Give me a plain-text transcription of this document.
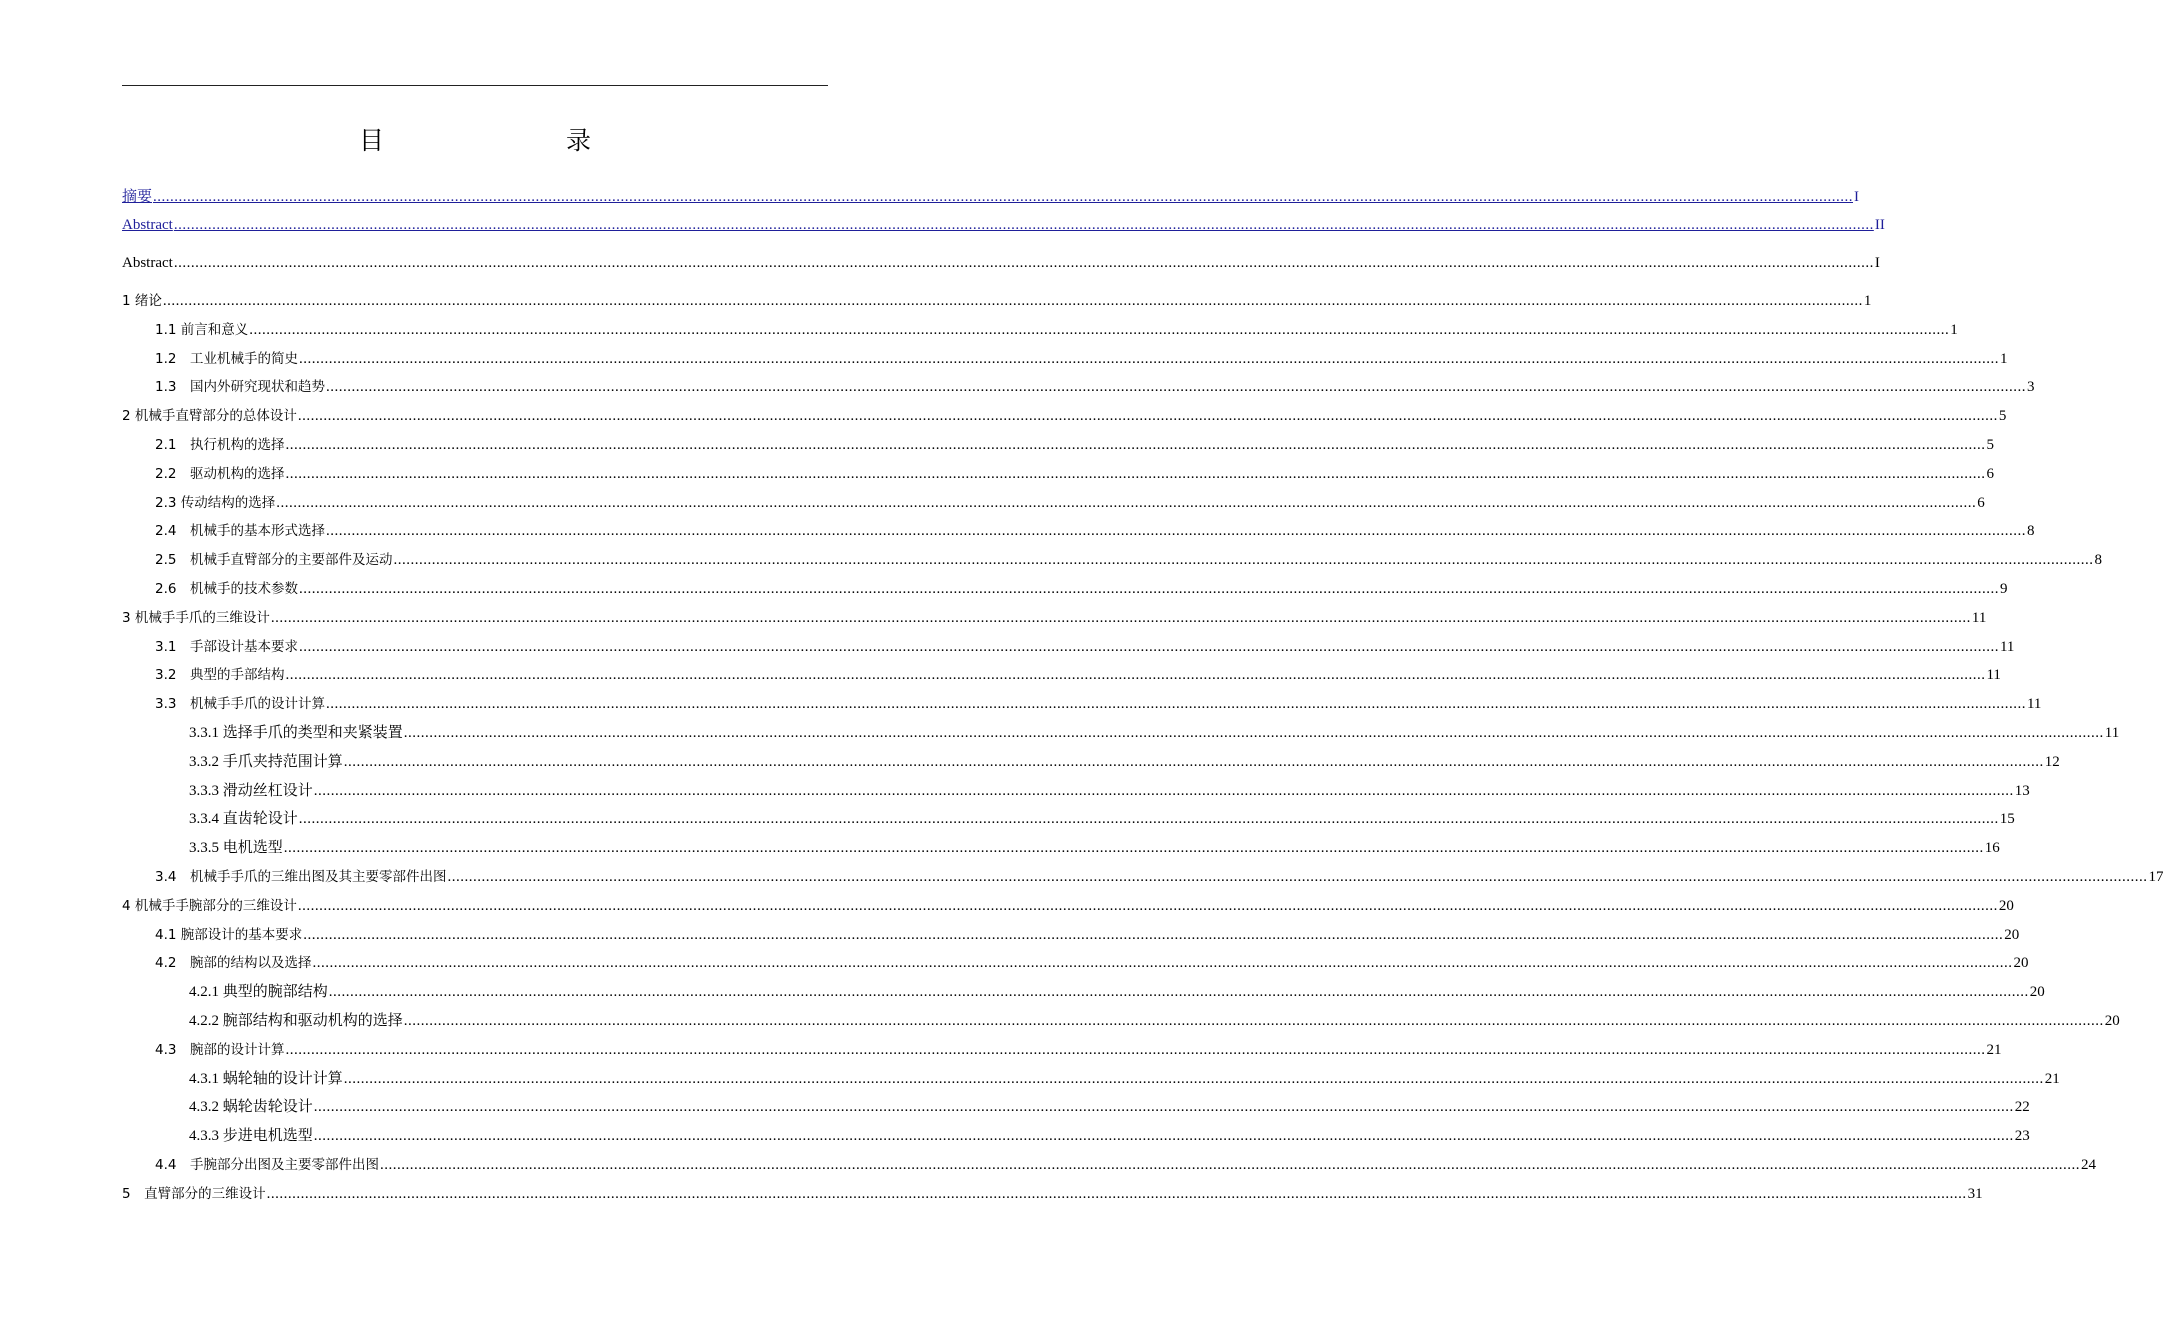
目　　录
摘要 ................................................................................................................................................................................................................................................................................................................................................................................................................ I
Abstract ................................................................................................................................................................................................................................................................................................................................................................................................................ II
Abstract ................................................................................................................................................................................................................................................................................................................................................................................................................ I
1 绪论 ................................................................................................................................................................................................................................................................................................................................................................................................................ 1
1.1 前言和意义 ................................................................................................................................................................................................................................................................................................................................................................................................................ 1
1.2　工业机械手的简史 ................................................................................................................................................................................................................................................................................................................................................................................................................ 1
1.3　国内外研究现状和趋势 ................................................................................................................................................................................................................................................................................................................................................................................................................ 3
2 机械手直臂部分的总体设计 ................................................................................................................................................................................................................................................................................................................................................................................................................ 5
2.1　执行机构的选择 ................................................................................................................................................................................................................................................................................................................................................................................................................ 5
2.2　驱动机构的选择 ................................................................................................................................................................................................................................................................................................................................................................................................................ 6
2.3 传动结构的选择 ................................................................................................................................................................................................................................................................................................................................................................................................................ 6
2.4　机械手的基本形式选择 ................................................................................................................................................................................................................................................................................................................................................................................................................ 8
2.5　机械手直臂部分的主要部件及运动 ................................................................................................................................................................................................................................................................................................................................................................................................................ 8
2.6　机械手的技术参数 ................................................................................................................................................................................................................................................................................................................................................................................................................ 9
3 机械手手爪的三维设计 ................................................................................................................................................................................................................................................................................................................................................................................................................ 11
3.1　手部设计基本要求 ................................................................................................................................................................................................................................................................................................................................................................................................................ 11
3.2　典型的手部结构 ................................................................................................................................................................................................................................................................................................................................................................................................................ 11
3.3　机械手手爪的设计计算 ................................................................................................................................................................................................................................................................................................................................................................................................................ 11
3.3.1 选择手爪的类型和夹紧装置 ................................................................................................................................................................................................................................................................................................................................................................................................................ 11
3.3.2 手爪夹持范围计算 ................................................................................................................................................................................................................................................................................................................................................................................................................ 12
3.3.3 滑动丝杠设计 ................................................................................................................................................................................................................................................................................................................................................................................................................ 13
3.3.4 直齿轮设计 ................................................................................................................................................................................................................................................................................................................................................................................................................ 15
3.3.5 电机选型 ................................................................................................................................................................................................................................................................................................................................................................................................................ 16
3.4　机械手手爪的三维出图及其主要零部件出图 ................................................................................................................................................................................................................................................................................................................................................................................................................ 17
4 机械手手腕部分的三维设计 ................................................................................................................................................................................................................................................................................................................................................................................................................ 20
4.1 腕部设计的基本要求 ................................................................................................................................................................................................................................................................................................................................................................................................................ 20
4.2　腕部的结构以及选择 ................................................................................................................................................................................................................................................................................................................................................................................................................ 20
4.2.1 典型的腕部结构 ................................................................................................................................................................................................................................................................................................................................................................................................................ 20
4.2.2 腕部结构和驱动机构的选择 ................................................................................................................................................................................................................................................................................................................................................................................................................ 20
4.3　腕部的设计计算 ................................................................................................................................................................................................................................................................................................................................................................................................................ 21
4.3.1 蜗轮轴的设计计算 ................................................................................................................................................................................................................................................................................................................................................................................................................ 21
4.3.2 蜗轮齿轮设计 ................................................................................................................................................................................................................................................................................................................................................................................................................ 22
4.3.3 步进电机选型 ................................................................................................................................................................................................................................................................................................................................................................................................................ 23
4.4　手腕部分出图及主要零部件出图 ................................................................................................................................................................................................................................................................................................................................................................................................................ 24
5　直臂部分的三维设计 ................................................................................................................................................................................................................................................................................................................................................................................................................ 31
